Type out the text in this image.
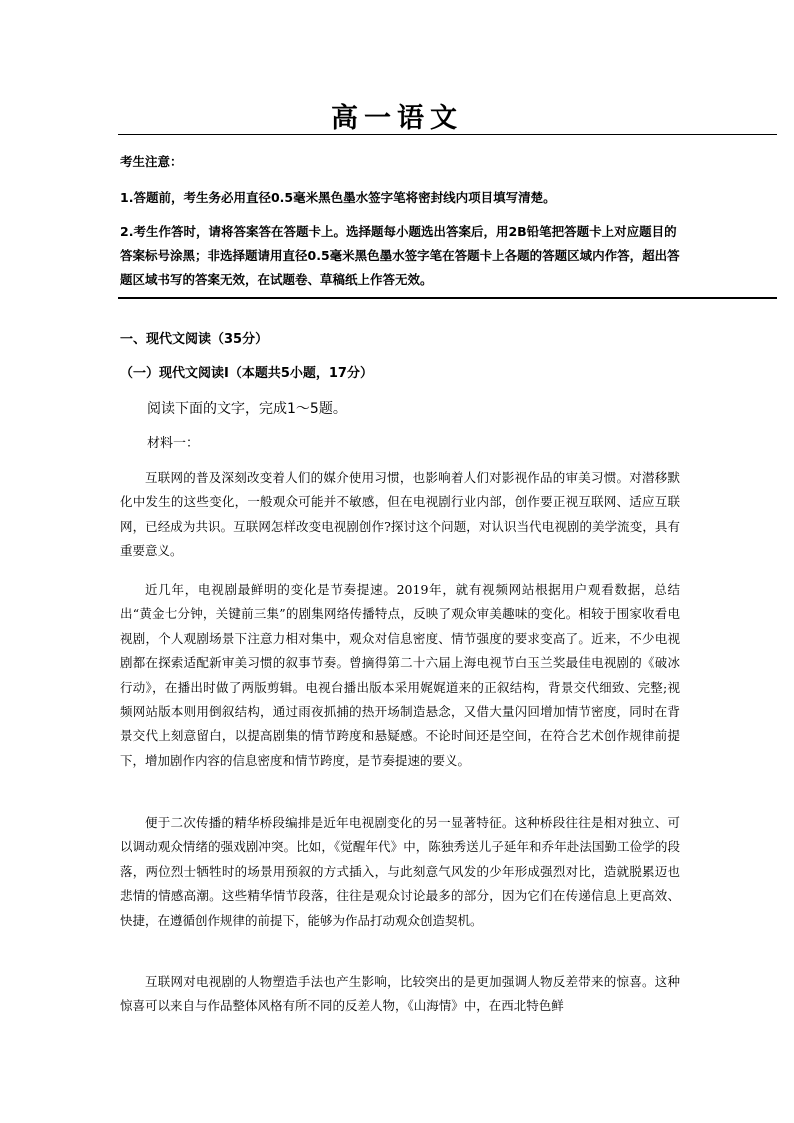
高一语文
考生注意：
1.答题前，考生务必用直径0.5毫米黑色墨水签字笔将密封线内项目填写清楚。
2.考生作答时，请将答案答在答题卡上。选择题每小题选出答案后，用2B铅笔把答题卡上对应题目的答案标号涂黑；非选择题请用直径0.5毫米黑色墨水签字笔在答题卡上各题的答题区域内作答，超出答题区域书写的答案无效，在试题卷、草稿纸上作答无效。
一、现代文阅读（35分）
（一）现代文阅读Ⅰ（本题共5小题，17分）
阅读下面的文字，完成1～5题。
材料一：

互联网的普及深刻改变着人们的媒介使用习惯，也影响着人们对影视作品的审美习惯。对潜移默化中发生的这些变化，一般观众可能并不敏感，但在电视剧行业内部，创作要正视互联网、适应互联网，已经成为共识。互联网怎样改变电视剧创作?探讨这个问题，对认识当代电视剧的美学流变，具有重要意义。

近几年，电视剧最鲜明的变化是节奏提速。2019年，就有视频网站根据用户观看数据，总结出“黄金七分钟，关键前三集”的剧集网络传播特点，反映了观众审美趣味的变化。相较于围家收看电视剧，个人观剧场景下注意力相对集中，观众对信息密度、情节强度的要求变高了。近来，不少电视剧都在探索适配新审美习惯的叙事节奏。曾摘得第二十六届上海电视节白玉兰奖最佳电视剧的《破冰行动》，在播出时做了两版剪辑。电视台播出版本采用娓娓道来的正叙结构，背景交代细致、完整;视频网站版本则用倒叙结构，通过雨夜抓捕的热开场制造悬念，又借大量闪回增加情节密度，同时在背景交代上刻意留白，以提高剧集的情节跨度和悬疑感。不论时间还是空间，在符合艺术创作规律前提下，增加剧作内容的信息密度和情节跨度，是节奏提速的要义。

便于二次传播的精华桥段编排是近年电视剧变化的另一显著特征。这种桥段往往是相对独立、可以调动观众情绪的强戏剧冲突。比如，《觉醒年代》中，陈独秀送儿子延年和乔年赴法国勤工俭学的段落，两位烈士牺牲时的场景用预叙的方式插入，与此刻意气风发的少年形成强烈对比，造就脱累迈也悲情的情感高潮。这些精华情节段落，往往是观众讨论最多的部分，因为它们在传递信息上更高效、快捷，在遵循创作规律的前提下，能够为作品打动观众创造契机。

互联网对电视剧的人物塑造手法也产生影响，比较突出的是更加强调人物反差带来的惊喜。这种惊喜可以来自与作品整体风格有所不同的反差人物，《山海情》中，在西北特色鲜
